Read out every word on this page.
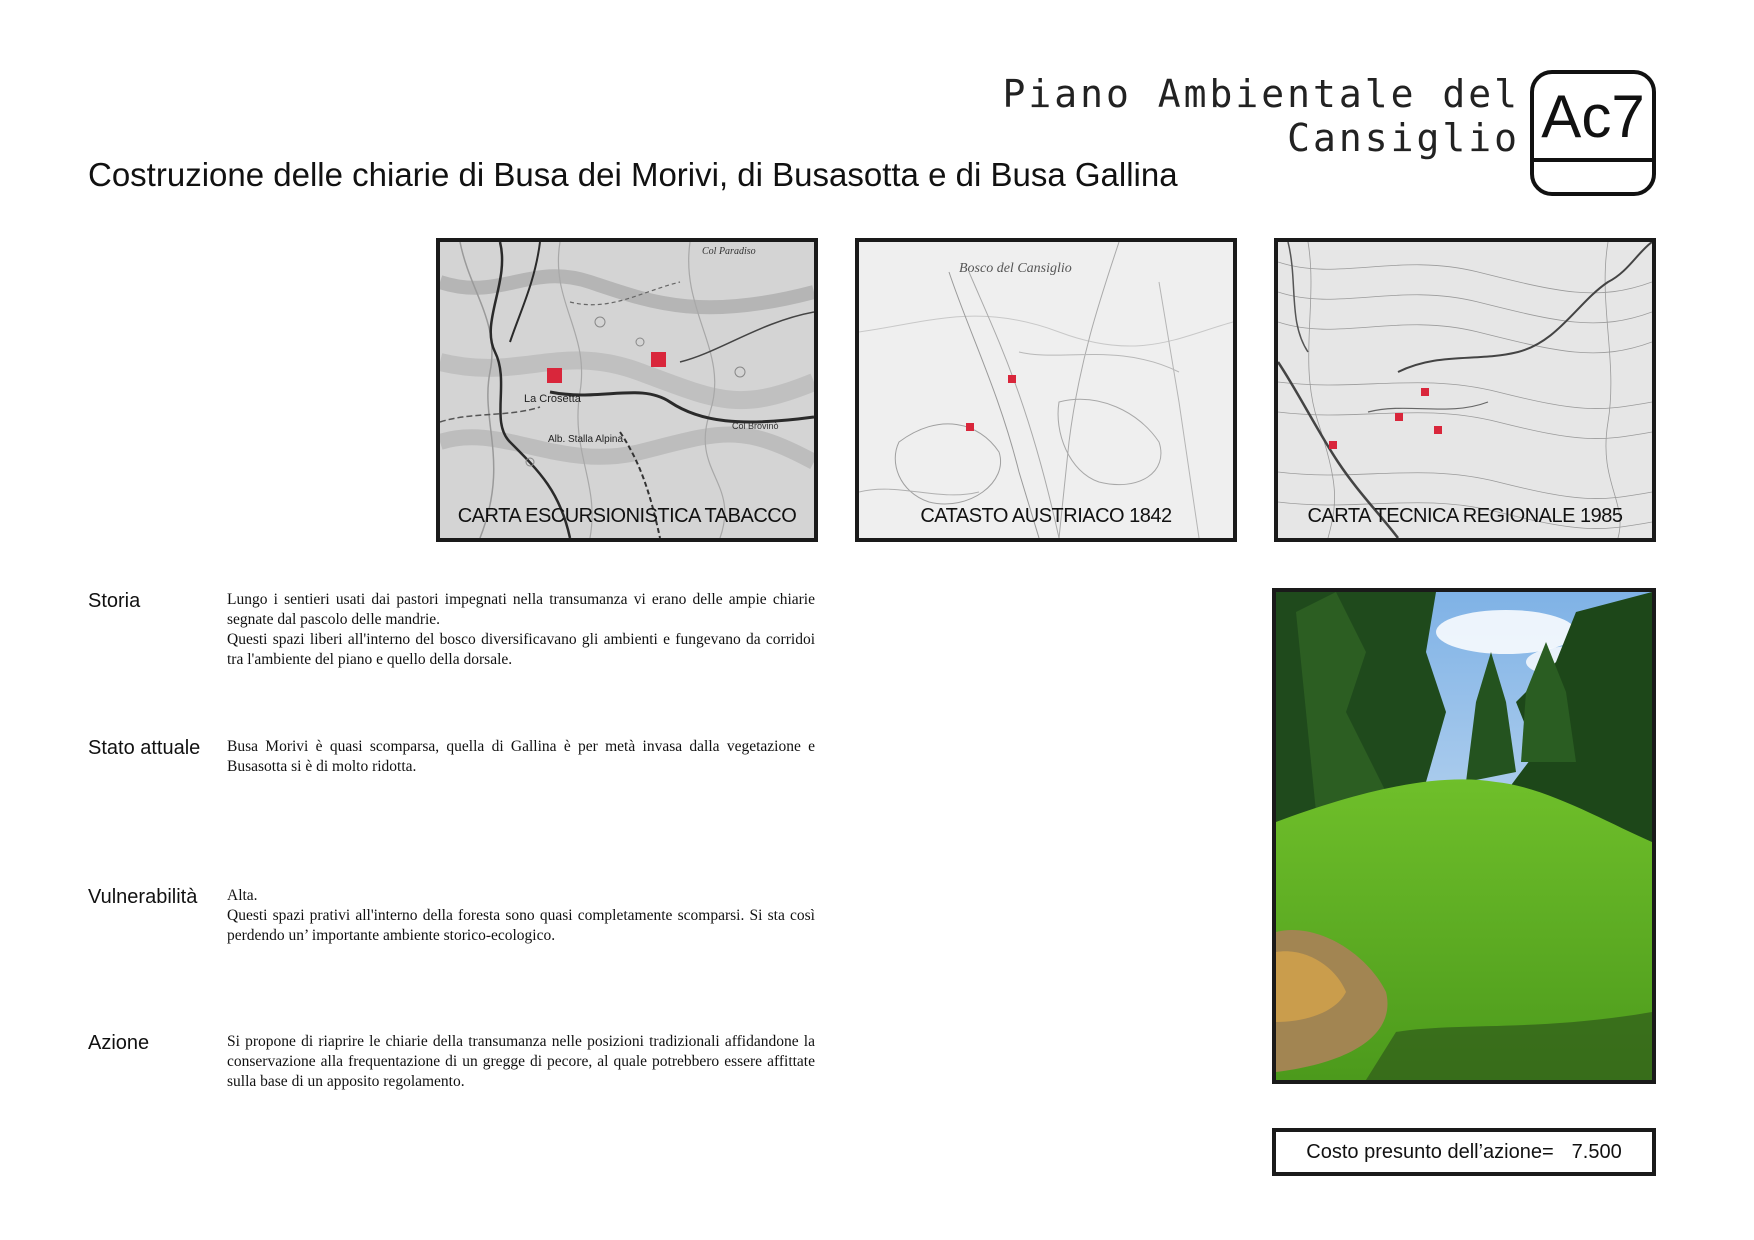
Piano Ambientale del Cansiglio Ac7
Costruzione delle chiarie di Busa dei Morivi, di Busasotta e di Busa Gallina
La Crosetta
Alb. Stalla Alpina
Col Paradiso
Col Brovinò
CARTA ESCURSIONISTICA TABACCO
Bosco del Cansiglio
CATASTO AUSTRIACO 1842	CARTA TECNICA REGIONALE 1985
Storia	Lungo i sentieri usati dai pastori impegnati nella transumanza vi erano delle ampie chiarie segnate dal pascolo delle mandrie.

Questi spazi liberi all'interno del bosco diversificavano gli ambienti e fungevano da corridoi tra l'ambiente del piano e quello della dorsale.

Stato attuale Busa Morivi è quasi scomparsa, quella di Gallina è per metà invasa dalla vegetazione e Busasotta si è di molto ridotta.

Vulnerabilità Alta.

Questi spazi prativi all'interno della foresta sono quasi completamente scomparsi. Si sta così perdendo un’ importante ambiente storico-ecologico.

Azione	Si propone di riaprire le chiarie della transumanza nelle posizioni tradizionali affidandone la conservazione alla frequentazione di un gregge di pecore, al quale potrebbero essere affittate sulla base di un apposito regolamento.

Costo presunto dell’azione= 7.500
